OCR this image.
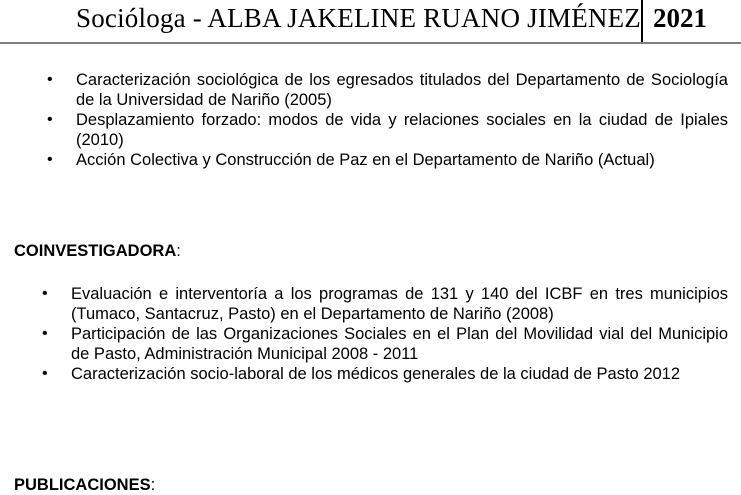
Socióloga - ALBA JAKELINE RUANO JIMÉNEZ 2021
• Caracterización sociológica de los egresados titulados del Departamento de Sociología de la Universidad de Nariño (2005)
• Desplazamiento forzado: modos de vida y relaciones sociales en la ciudad de Ipiales (2010)
• Acción Colectiva y Construcción de Paz en el Departamento de Nariño (Actual)
COINVESTIGADORA:
• Evaluación e interventoría a los programas de 131 y 140 del ICBF en tres municipios (Tumaco, Santacruz, Pasto) en el Departamento de Nariño (2008)
• Participación de las Organizaciones Sociales en el Plan del Movilidad vial del Municipio de Pasto, Administración Municipal 2008 - 2011
• Caracterización socio-laboral de los médicos generales de la ciudad de Pasto 2012
PUBLICACIONES:
